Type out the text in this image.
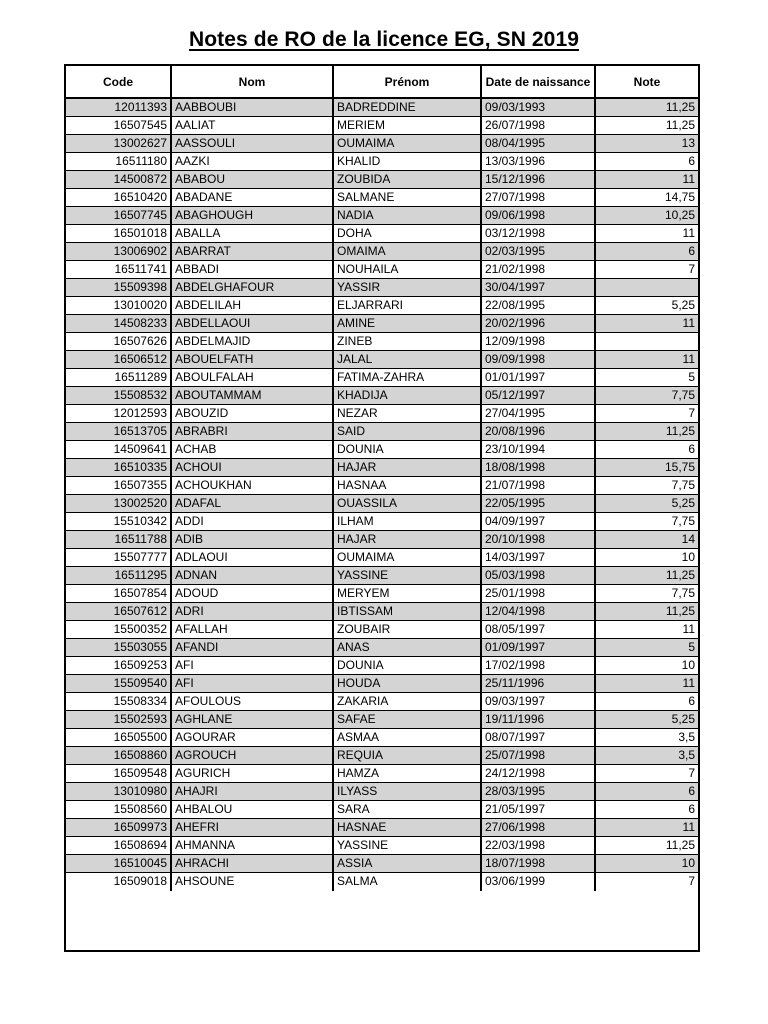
Notes de RO de la licence EG, SN 2019
Code	Nom	Prénom	Date de naissance	Note
12011393	AABBOUBI	BADREDDINE	09/03/1993	11,25
16507545	AALIAT	MERIEM	26/07/1998	11,25
13002627	AASSOULI	OUMAIMA	08/04/1995	13
16511180	AAZKI	KHALID	13/03/1996	6
14500872	ABABOU	ZOUBIDA	15/12/1996	11
16510420	ABADANE	SALMANE	27/07/1998	14,75
16507745	ABAGHOUGH	NADIA	09/06/1998	10,25
16501018	ABALLA	DOHA	03/12/1998	11
13006902	ABARRAT	OMAIMA	02/03/1995	6
16511741	ABBADI	NOUHAILA	21/02/1998	7
15509398	ABDELGHAFOUR	YASSIR	30/04/1997	
13010020	ABDELILAH	ELJARRARI	22/08/1995	5,25
14508233	ABDELLAOUI	AMINE	20/02/1996	11
16507626	ABDELMAJID	ZINEB	12/09/1998	
16506512	ABOUELFATH	JALAL	09/09/1998	11
16511289	ABOULFALAH	FATIMA-ZAHRA	01/01/1997	5
15508532	ABOUTAMMAM	KHADIJA	05/12/1997	7,75
12012593	ABOUZID	NEZAR	27/04/1995	7
16513705	ABRABRI	SAID	20/08/1996	11,25
14509641	ACHAB	DOUNIA	23/10/1994	6
16510335	ACHOUI	HAJAR	18/08/1998	15,75
16507355	ACHOUKHAN	HASNAA	21/07/1998	7,75
13002520	ADAFAL	OUASSILA	22/05/1995	5,25
15510342	ADDI	ILHAM	04/09/1997	7,75
16511788	ADIB	HAJAR	20/10/1998	14
15507777	ADLAOUI	OUMAIMA	14/03/1997	10
16511295	ADNAN	YASSINE	05/03/1998	11,25
16507854	ADOUD	MERYEM	25/01/1998	7,75
16507612	ADRI	IBTISSAM	12/04/1998	11,25
15500352	AFALLAH	ZOUBAIR	08/05/1997	11
15503055	AFANDI	ANAS	01/09/1997	5
16509253	AFI	DOUNIA	17/02/1998	10
15509540	AFI	HOUDA	25/11/1996	11
15508334	AFOULOUS	ZAKARIA	09/03/1997	6
15502593	AGHLANE	SAFAE	19/11/1996	5,25
16505500	AGOURAR	ASMAA	08/07/1997	3,5
16508860	AGROUCH	REQUIA	25/07/1998	3,5
16509548	AGURICH	HAMZA	24/12/1998	7
13010980	AHAJRI	ILYASS	28/03/1995	6
15508560	AHBALOU	SARA	21/05/1997	6
16509973	AHEFRI	HASNAE	27/06/1998	11
16508694	AHMANNA	YASSINE	22/03/1998	11,25
16510045	AHRACHI	ASSIA	18/07/1998	10
16509018	AHSOUNE	SALMA	03/06/1999	7
